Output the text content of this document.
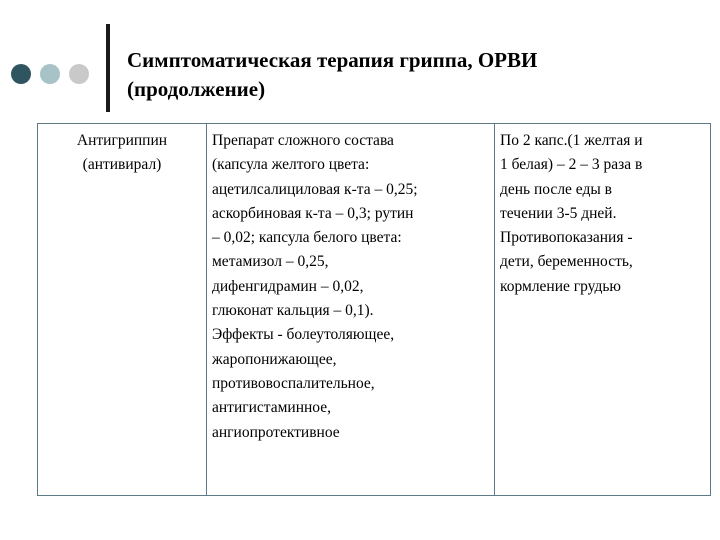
Симптоматическая терапия гриппа, ОРВИ
(продолжение)
Антигриппин
(антивирал)

Препарат сложного состава
(капсула желтого цвета:
ацетилсалициловая к-та – 0,25;
аскорбиновая к-та – 0,3; рутин
– 0,02; капсула белого цвета:
метамизол – 0,25,
дифенгидрамин – 0,02,
глюконат кальция – 0,1).
Эффекты - болеутоляющее,
жаропонижающее,
противовоспалительное,
антигистаминное,
ангиопротективное

По 2 капс.(1 желтая и
1 белая) – 2 – 3 раза в
день после еды в
течении 3-5 дней.
Противопоказания -
дети, беременность,
кормление грудью
